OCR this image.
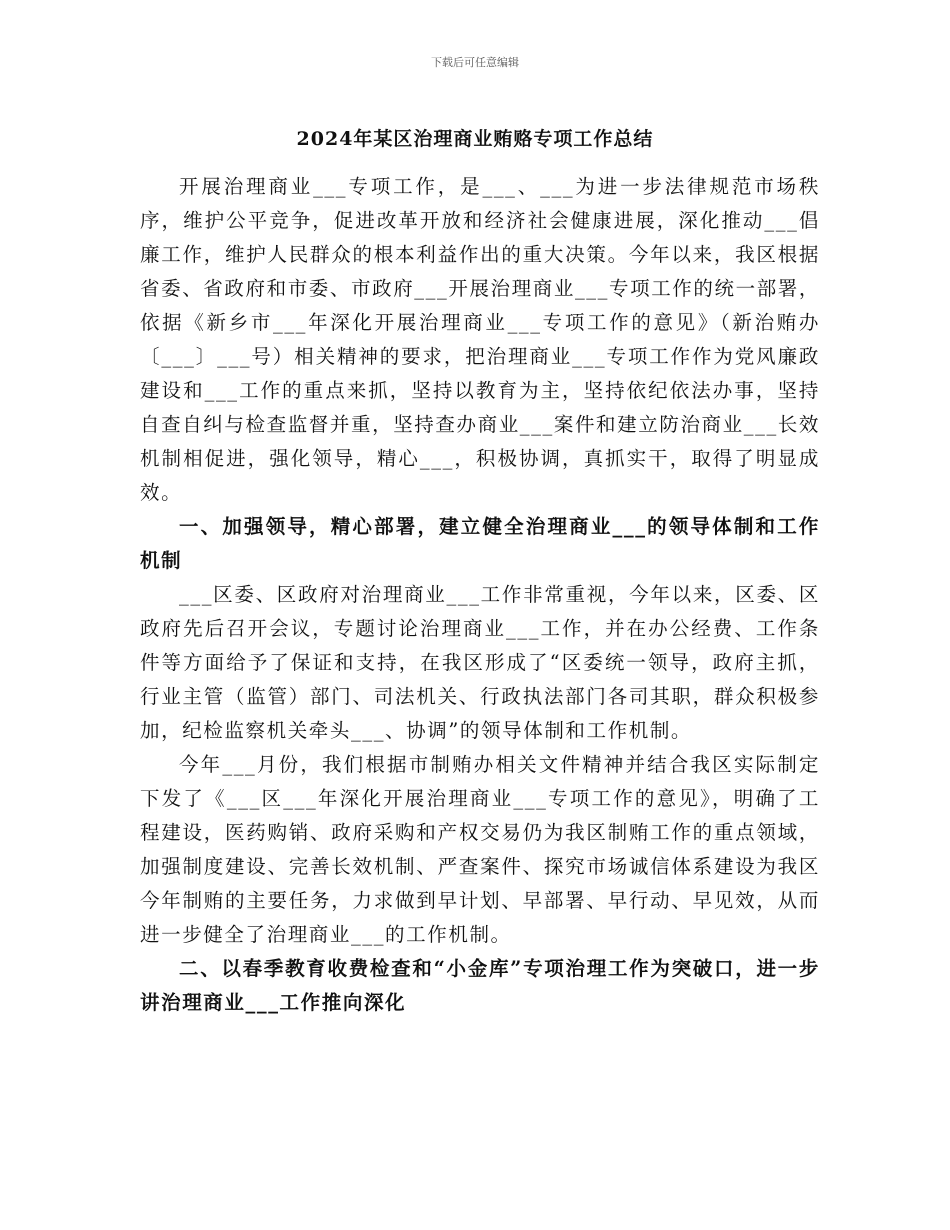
下载后可任意编辑
2024年某区治理商业贿赂专项工作总结

开展治理商业___专项工作，是___、___为进一步法律规范市场秩序，维护公平竞争，促进改革开放和经济社会健康进展，深化推动___倡廉工作，维护人民群众的根本利益作出的重大决策。今年以来，我区根据省委、省政府和市委、市政府___开展治理商业___专项工作的统一部署，依据《新乡市___年深化开展治理商业___专项工作的意见》（新治贿办〔___〕___号）相关精神的要求，把治理商业___专项工作作为党风廉政建设和___工作的重点来抓，坚持以教育为主，坚持依纪依法办事，坚持自查自纠与检查监督并重，坚持查办商业___案件和建立防治商业___长效机制相促进，强化领导，精心___，积极协调，真抓实干，取得了明显成效。

一、加强领导，精心部署，建立健全治理商业___的领导体制和工作机制

___区委、区政府对治理商业___工作非常重视，今年以来，区委、区政府先后召开会议，专题讨论治理商业___工作，并在办公经费、工作条件等方面给予了保证和支持，在我区形成了“区委统一领导，政府主抓，行业主管（监管）部门、司法机关、行政执法部门各司其职，群众积极参加，纪检监察机关牵头___、协调”的领导体制和工作机制。

今年___月份，我们根据市制贿办相关文件精神并结合我区实际制定下发了《___区___年深化开展治理商业___专项工作的意见》，明确了工程建设，医药购销、政府采购和产权交易仍为我区制贿工作的重点领域，加强制度建设、完善长效机制、严查案件、探究市场诚信体系建设为我区今年制贿的主要任务，力求做到早计划、早部署、早行动、早见效，从而进一步健全了治理商业___的工作机制。

二、以春季教育收费检查和“小金库”专项治理工作为突破口，进一步讲治理商业___工作推向深化
